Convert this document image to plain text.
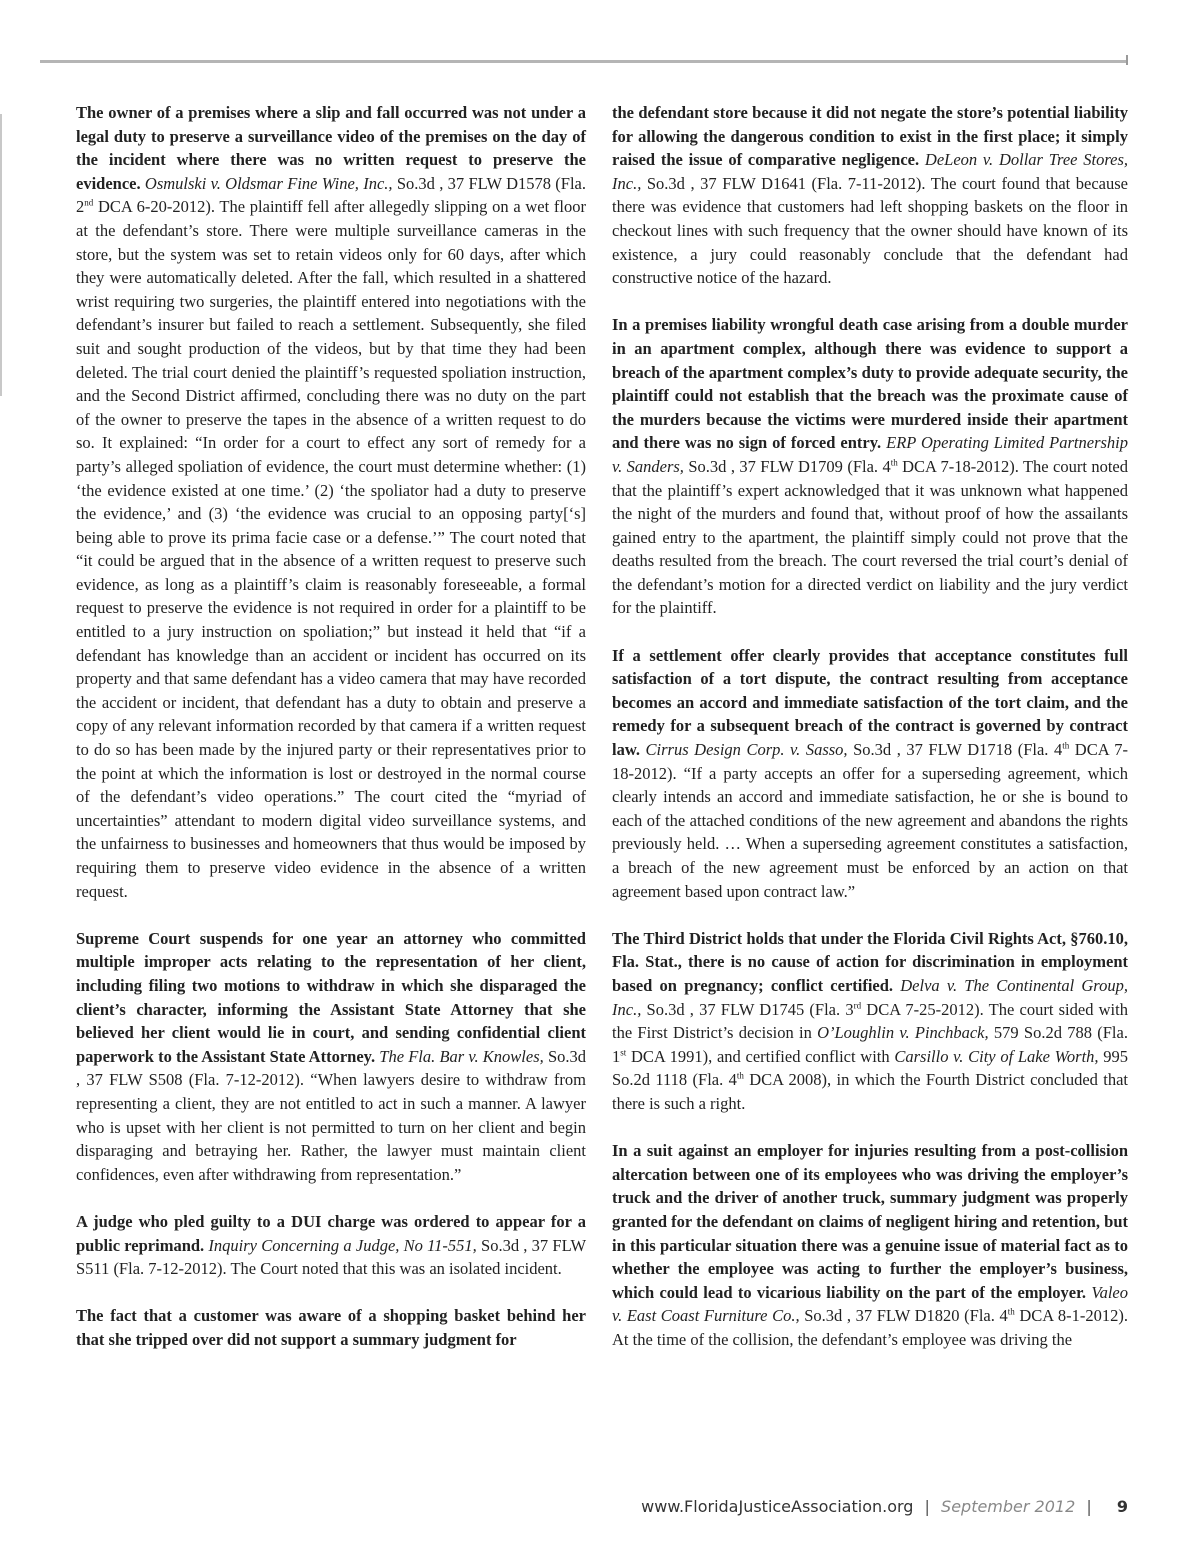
The owner of a premises where a slip and fall occurred was not under a legal duty to preserve a surveillance video of the premises on the day of the incident where there was no written request to preserve the evidence. Osmulski v. Oldsmar Fine Wine, Inc., So.3d , 37 FLW D1578 (Fla. 2nd DCA 6-20-2012). The plaintiff fell after allegedly slipping on a wet floor at the defendant’s store. There were multiple surveillance cameras in the store, but the system was set to retain videos only for 60 days, after which they were automatically deleted. After the fall, which resulted in a shattered wrist requiring two surgeries, the plaintiff entered into negotiations with the defendant’s insurer but failed to reach a settlement. Subsequently, she filed suit and sought production of the videos, but by that time they had been deleted. The trial court denied the plaintiff’s requested spoliation instruction, and the Second District affirmed, concluding there was no duty on the part of the owner to preserve the tapes in the absence of a written request to do so. It explained: “In order for a court to effect any sort of remedy for a party’s alleged spoliation of evidence, the court must determine whether: (1) ‘the evidence existed at one time.’ (2) ‘the spoliator had a duty to preserve the evidence,’ and (3) ‘the evidence was crucial to an opposing party[‘s] being able to prove its prima facie case or a defense.’” The court noted that “it could be argued that in the absence of a written request to preserve such evidence, as long as a plaintiff’s claim is reasonably foreseeable, a formal request to preserve the evidence is not required in order for a plaintiff to be entitled to a jury instruction on spoliation;” but instead it held that “if a defendant has knowledge than an accident or incident has occurred on its property and that same defendant has a video camera that may have recorded the accident or incident, that defendant has a duty to obtain and preserve a copy of any relevant information recorded by that camera if a written request to do so has been made by the injured party or their representatives prior to the point at which the information is lost or destroyed in the normal course of the defendant’s video operations.” The court cited the “myriad of uncertainties” attendant to modern digital video surveillance systems, and the unfairness to businesses and homeowners that thus would be imposed by requiring them to preserve video evidence in the absence of a written request.

Supreme Court suspends for one year an attorney who committed multiple improper acts relating to the representation of her client, including filing two motions to withdraw in which she disparaged the client’s character, informing the Assistant State Attorney that she believed her client would lie in court, and sending confidential client paperwork to the Assistant State Attorney. The Fla. Bar v. Knowles, So.3d , 37 FLW S508 (Fla. 7-12-2012). “When lawyers desire to withdraw from representing a client, they are not entitled to act in such a manner. A lawyer who is upset with her client is not permitted to turn on her client and begin disparaging and betraying her. Rather, the lawyer must maintain client confidences, even after withdrawing from representation.”

A judge who pled guilty to a DUI charge was ordered to appear for a public reprimand. Inquiry Concerning a Judge, No 11-551, So.3d , 37 FLW S511 (Fla. 7-12-2012). The Court noted that this was an isolated incident.

The fact that a customer was aware of a shopping basket behind her that she tripped over did not support a summary judgment for

the defendant store because it did not negate the store’s potential liability for allowing the dangerous condition to exist in the first place; it simply raised the issue of comparative negligence. DeLeon v. Dollar Tree Stores, Inc., So.3d , 37 FLW D1641 (Fla. 7-11-2012). The court found that because there was evidence that customers had left shopping baskets on the floor in checkout lines with such frequency that the owner should have known of its existence, a jury could reasonably conclude that the defendant had constructive notice of the hazard.

In a premises liability wrongful death case arising from a double murder in an apartment complex, although there was evidence to support a breach of the apartment complex’s duty to provide adequate security, the plaintiff could not establish that the breach was the proximate cause of the murders because the victims were murdered inside their apartment and there was no sign of forced entry. ERP Operating Limited Partnership v. Sanders, So.3d , 37 FLW D1709 (Fla. 4th DCA 7-18-2012). The court noted that the plaintiff’s expert acknowledged that it was unknown what happened the night of the murders and found that, without proof of how the assailants gained entry to the apartment, the plaintiff simply could not prove that the deaths resulted from the breach. The court reversed the trial court’s denial of the defendant’s motion for a directed verdict on liability and the jury verdict for the plaintiff.

If a settlement offer clearly provides that acceptance constitutes full satisfaction of a tort dispute, the contract resulting from acceptance becomes an accord and immediate satisfaction of the tort claim, and the remedy for a subsequent breach of the contract is governed by contract law. Cirrus Design Corp. v. Sasso, So.3d , 37 FLW D1718 (Fla. 4th DCA 7-18-2012). “If a party accepts an offer for a superseding agreement, which clearly intends an accord and immediate satisfaction, he or she is bound to each of the attached conditions of the new agreement and abandons the rights previously held. … When a superseding agreement constitutes a satisfaction, a breach of the new agreement must be enforced by an action on that agreement based upon contract law.”

The Third District holds that under the Florida Civil Rights Act, §760.10, Fla. Stat., there is no cause of action for discrimination in employment based on pregnancy; conflict certified. Delva v. The Continental Group, Inc., So.3d , 37 FLW D1745 (Fla. 3rd DCA 7-25-2012). The court sided with the First District’s decision in O’Loughlin v. Pinchback, 579 So.2d 788 (Fla. 1st DCA 1991), and certified conflict with Carsillo v. City of Lake Worth, 995 So.2d 1118 (Fla. 4th DCA 2008), in which the Fourth District concluded that there is such a right.

In a suit against an employer for injuries resulting from a post-collision altercation between one of its employees who was driving the employer’s truck and the driver of another truck, summary judgment was properly granted for the defendant on claims of negligent hiring and retention, but in this particular situation there was a genuine issue of material fact as to whether the employee was acting to further the employer’s business, which could lead to vicarious liability on the part of the employer. Valeo v. East Coast Furniture Co., So.3d , 37 FLW D1820 (Fla. 4th DCA 8-1-2012). At the time of the collision, the defendant’s employee was driving the

www.FloridaJusticeAssociation.org | September 2012 | 9
